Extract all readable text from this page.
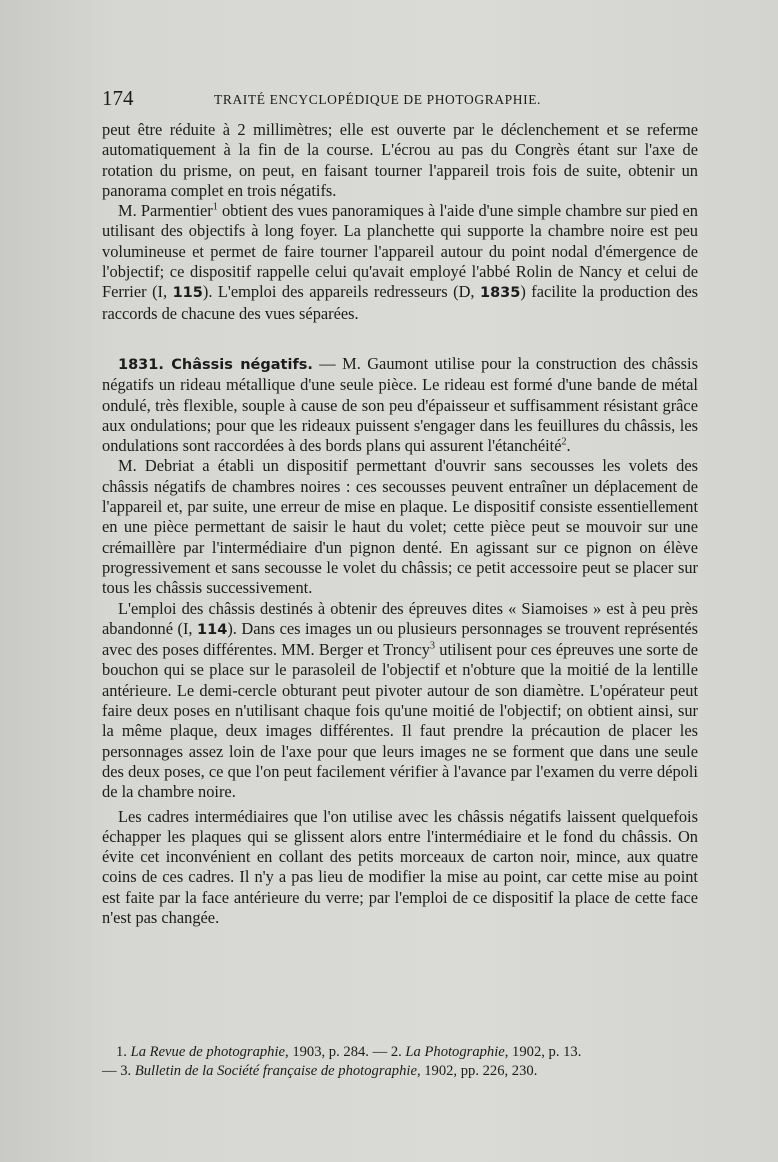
174	TRAITÉ ENCYCLOPÉDIQUE DE PHOTOGRAPHIE.

peut être réduite à 2 millimètres; elle est ouverte par le déclenchement et se referme automatiquement à la fin de la course. L'écrou au pas du Congrès étant sur l'axe de rotation du prisme, on peut, en faisant tourner l'appareil trois fois de suite, obtenir un panorama complet en trois négatifs.

M. Parmentier$^1$ obtient des vues panoramiques à l'aide d'une simple chambre sur pied en utilisant des objectifs à long foyer. La planchette qui supporte la chambre noire est peu volumineuse et permet de faire tourner l'appareil autour du point nodal d'émergence de l'objectif; ce dispositif rappelle celui qu'avait employé l'abbé Rolin de Nancy et celui de Ferrier (I, 115). L'emploi des appareils redresseurs (D, 1835) facilite la production des raccords de chacune des vues séparées.

1831. Châssis négatifs. — M. Gaumont utilise pour la construction des châssis négatifs un rideau métallique d'une seule pièce. Le rideau est formé d'une bande de métal ondulé, très flexible, souple à cause de son peu d'épaisseur et suffisamment résistant grâce aux ondulations; pour que les rideaux puissent s'engager dans les feuillures du châssis, les ondulations sont raccordées à des bords plans qui assurent l'étanchéité$^2$.

M. Debriat a établi un dispositif permettant d'ouvrir sans secousses les volets des châssis négatifs de chambres noires : ces secousses peuvent entraîner un déplacement de l'appareil et, par suite, une erreur de mise en plaque. Le dispositif consiste essentiellement en une pièce permettant de saisir le haut du volet; cette pièce peut se mouvoir sur une crémaillère par l'intermédiaire d'un pignon denté. En agissant sur ce pignon on élève progressivement et sans secousse le volet du châssis; ce petit accessoire peut se placer sur tous les châssis successivement.

L'emploi des châssis destinés à obtenir des épreuves dites « Siamoises » est à peu près abandonné (I, 114). Dans ces images un ou plusieurs personnages se trouvent représentés avec des poses différentes. MM. Berger et Troncy$^3$ utilisent pour ces épreuves une sorte de bouchon qui se place sur le parasoleil de l'objectif et n'obture que la moitié de la lentille antérieure. Le demi-cercle obturant peut pivoter autour de son diamètre. L'opérateur peut faire deux poses en n'utilisant chaque fois qu'une moitié de l'objectif; on obtient ainsi, sur la même plaque, deux images différentes. Il faut prendre la précaution de placer les personnages assez loin de l'axe pour que leurs images ne se forment que dans une seule des deux poses, ce que l'on peut facilement vérifier à l'avance par l'examen du verre dépoli de la chambre noire.

Les cadres intermédiaires que l'on utilise avec les châssis négatifs laissent quelquefois échapper les plaques qui se glissent alors entre l'intermédiaire et le fond du châssis. On évite cet inconvénient en collant des petits morceaux de carton noir, mince, aux quatre coins de ces cadres. Il n'y a pas lieu de modifier la mise au point, car cette mise au point est faite par la face antérieure du verre; par l'emploi de ce dispositif la place de cette face n'est pas changée.

1. La Revue de photographie, 1903, p. 284. — 2. La Photographie, 1902, p. 13.

— 3. Bulletin de la Société française de photographie, 1902, pp. 226, 230.
